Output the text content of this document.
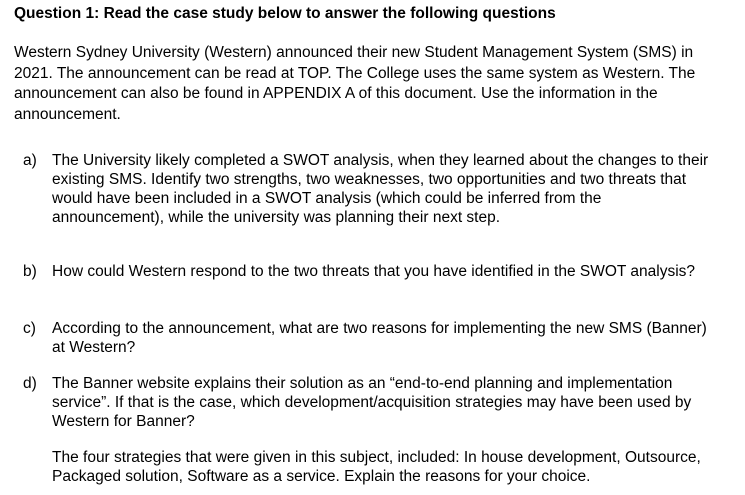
Question 1: Read the case study below to answer the following questions
Western Sydney University (Western) announced their new Student Management System (SMS) in
2021. The announcement can be read at TOP. The College uses the same system as Western. The
announcement can also be found in APPENDIX A of this document. Use the information in the
announcement.
a) The University likely completed a SWOT analysis, when they learned about the changes to their
existing SMS. Identify two strengths, two weaknesses, two opportunities and two threats that
would have been included in a SWOT analysis (which could be inferred from the
announcement), while the university was planning their next step.
b) How could Western respond to the two threats that you have identified in the SWOT analysis?
c) According to the announcement, what are two reasons for implementing the new SMS (Banner)
at Western?
d) The Banner website explains their solution as an “end-to-end planning and implementation
service”. If that is the case, which development/acquisition strategies may have been used by
Western for Banner?
The four strategies that were given in this subject, included: In house development, Outsource,
Packaged solution, Software as a service. Explain the reasons for your choice.
